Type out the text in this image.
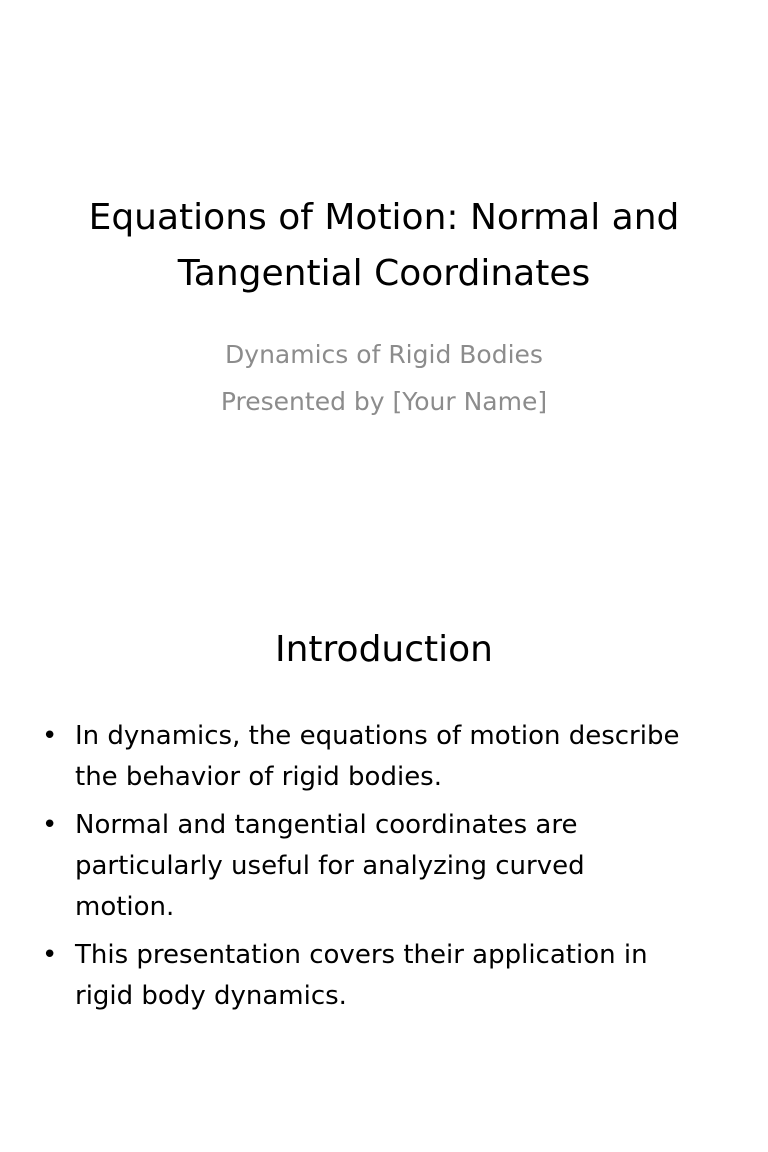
Equations of Motion: Normal and
Tangential Coordinates
Dynamics of Rigid Bodies
Presented by [Your Name]
Introduction
• In dynamics, the equations of motion describe
the behavior of rigid bodies.
• Normal and tangential coordinates are
particularly useful for analyzing curved
motion.
• This presentation covers their application in
rigid body dynamics.
